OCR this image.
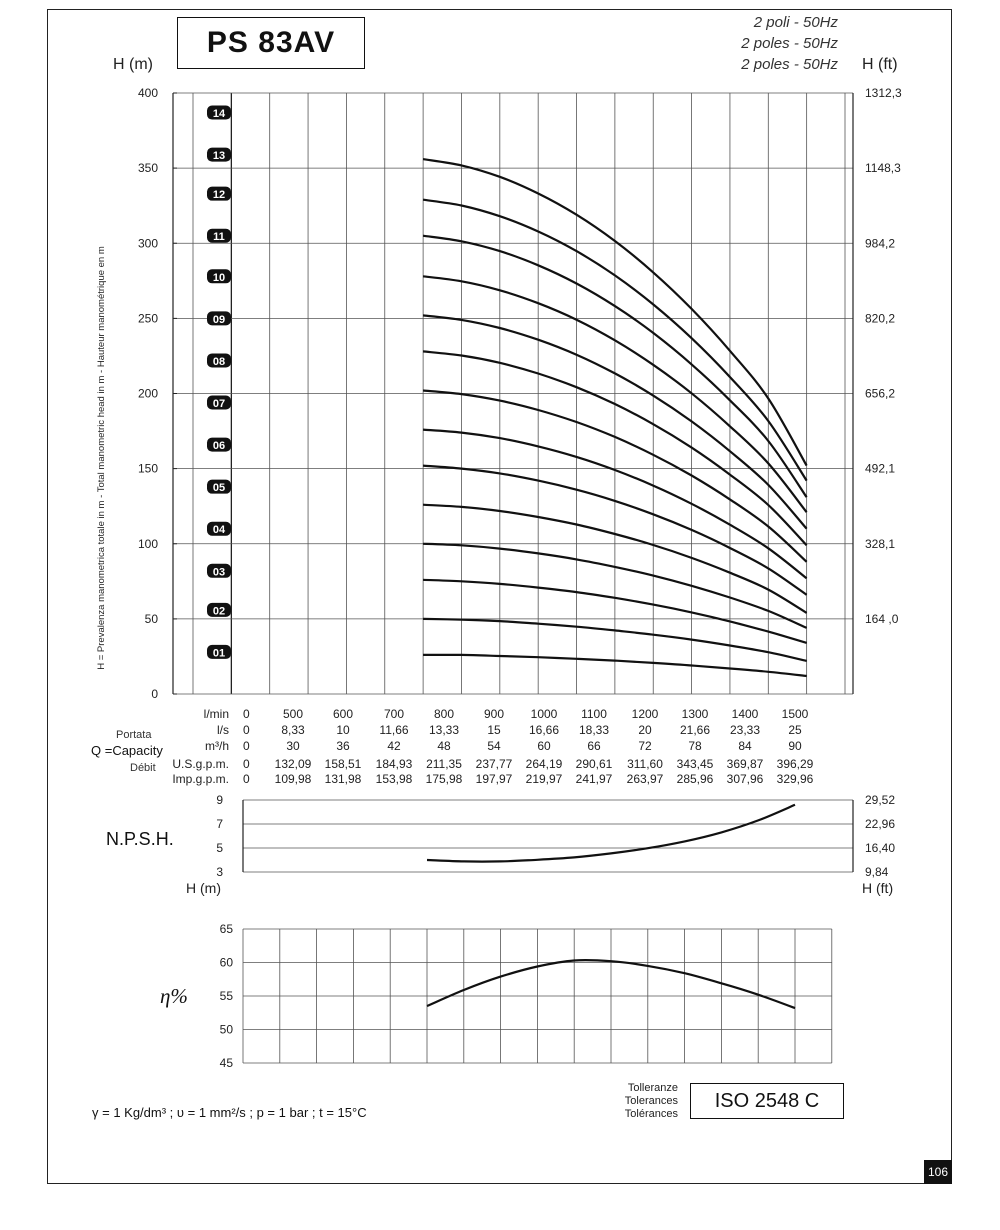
PS 83AV
2 poli - 50Hz
2 poles - 50Hz
2 poles - 50Hz
H (m)	H (ft)
0
50
100
150
200
250
300
350
400
164 ,0
328,1
492,1
656,2
820,2
984,2
1148,3
1312,3
H = Prevalenza manometrica totale in m - Total manometric head in m - Hauteur manométrique en m	01
02
03
04
05
06
07
08
09
10
11
12
13
14
l/min 0	500 600	700 800 900 1000 1100 1200 1300 1400 1500
l/s 0	8,33	10 11,66 13,33 15 16,66 18,33 20 21,66 23,33 25
m³/h 0	30	36	42	48	54	60	66	72	78	84	90
U.S.g.p.m. 0 132,09 158,51 184,93 211,35 237,77 264,19 290,61 311,60 343,45 369,87 396,29
Imp.g.p.m. 0 109,98 131,98 153,98 175,98 197,97 219,97 241,97 263,97 285,96 307,96 329,96
3	9,84
5	16,40
7	22,96
9	29,52
45
50
55
60
65
Portata
Q =Capacity
Débit
N.P.S.H.
H (m)	H (ft)
η%
γ = 1 Kg/dm³ ; υ = 1 mm²/s ; p = 1 bar ; t = 15°C
Tolleranze
Tolerances
Tolérances
ISO 2548 C
106
